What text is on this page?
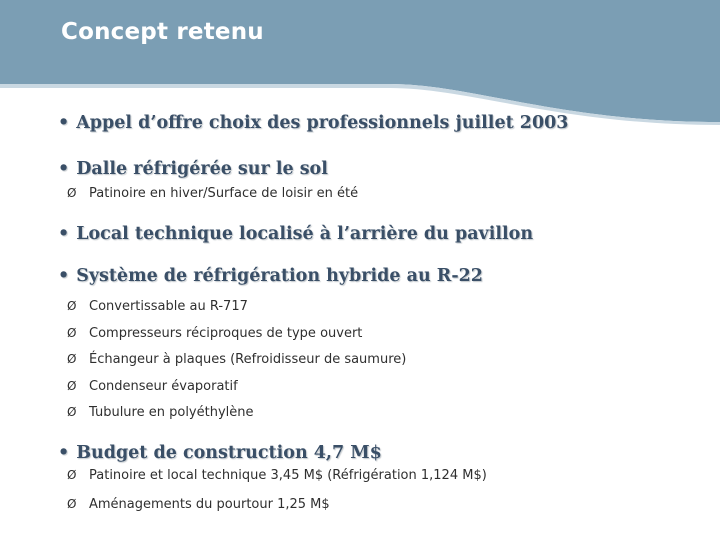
Concept retenu

• Appel d’offre choix des professionnels juillet 2003

• Dalle réfrigérée sur le sol

Ø Patinoire en hiver/Surface de loisir en été

• Local technique localisé à l’arrière du pavillon

• Système de réfrigération hybride au R-22

Ø Convertissable au R-717

Ø Compresseurs réciproques de type ouvert

Ø Échangeur à plaques (Refroidisseur de saumure)

Ø Condenseur évaporatif

Ø Tubulure en polyéthylène

• Budget de construction 4,7 M$

Ø Patinoire et local technique 3,45 M$ (Réfrigération 1,124 M$)

Ø Aménagements du pourtour 1,25 M$
